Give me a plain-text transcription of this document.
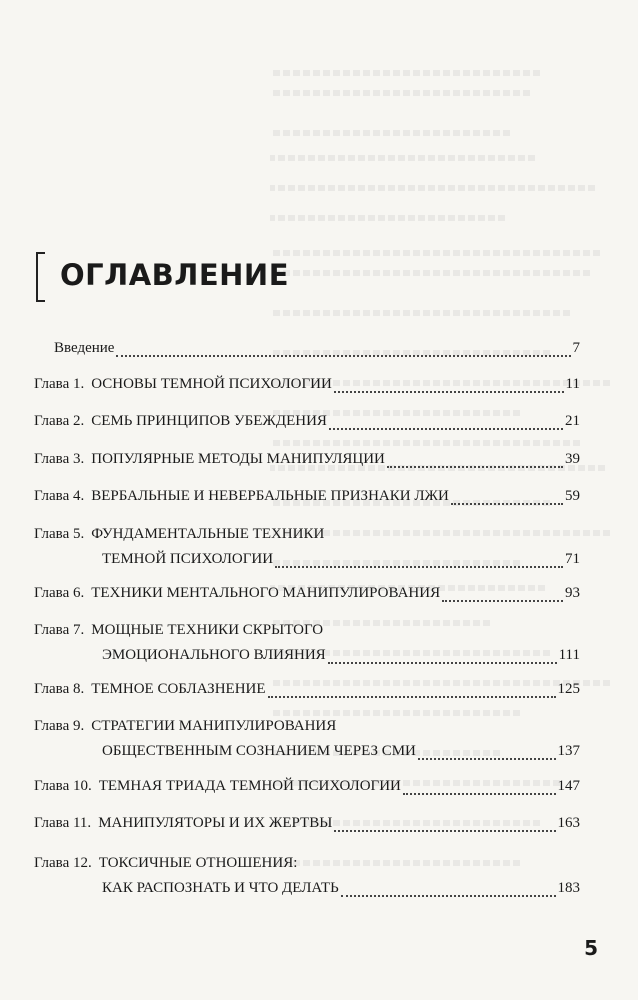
ОГЛАВЛЕНИЕ
Введение	7
Глава 1. ОСНОВЫ ТЕМНОЙ ПСИХОЛОГИИ	11
Глава 2. СЕМЬ ПРИНЦИПОВ УБЕЖДЕНИЯ	21
Глава 3. ПОПУЛЯРНЫЕ МЕТОДЫ МАНИПУЛЯЦИИ	39
Глава 4. ВЕРБАЛЬНЫЕ И НЕВЕРБАЛЬНЫЕ ПРИЗНАКИ ЛЖИ	59
Глава 5. ФУНДАМЕНТАЛЬНЫЕ ТЕХНИКИ
ТЕМНОЙ ПСИХОЛОГИИ	71
Глава 6. ТЕХНИКИ МЕНТАЛЬНОГО МАНИПУЛИРОВАНИЯ	93
Глава 7. МОЩНЫЕ ТЕХНИКИ СКРЫТОГО
ЭМОЦИОНАЛЬНОГО ВЛИЯНИЯ	111
Глава 8. ТЕМНОЕ СОБЛАЗНЕНИЕ	125
Глава 9. СТРАТЕГИИ МАНИПУЛИРОВАНИЯ
ОБЩЕСТВЕННЫМ СОЗНАНИЕМ ЧЕРЕЗ СМИ	137
Глава 10. ТЕМНАЯ ТРИАДА ТЕМНОЙ ПСИХОЛОГИИ	147
Глава 11. МАНИПУЛЯТОРЫ И ИХ ЖЕРТВЫ	163
Глава 12. ТОКСИЧНЫЕ ОТНОШЕНИЯ:
КАК РАСПОЗНАТЬ И ЧТО ДЕЛАТЬ	183
5
